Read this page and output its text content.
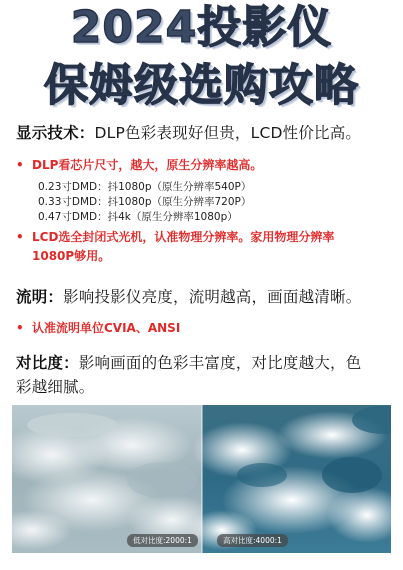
2024投影仪
保姆级选购攻略
显示技术：DLP色彩表现好但贵，LCD性价比高。
• DLP看芯片尺寸，越大，原生分辨率越高。
0.23寸DMD：抖1080p（原生分辨率540P）
0.33寸DMD：抖1080p（原生分辨率720P）
0.47寸DMD：抖4k（原生分辨率1080p）
• LCD选全封闭式光机，认准物理分辨率。家用物理分辨率
1080P够用。
流明：影响投影仪亮度，流明越高，画面越清晰。
• 认准流明单位CVIA、ANSI
对比度：影响画面的色彩丰富度，对比度越大，色
彩越细腻。
低对比度:2000:1	高对比度:4000:1
